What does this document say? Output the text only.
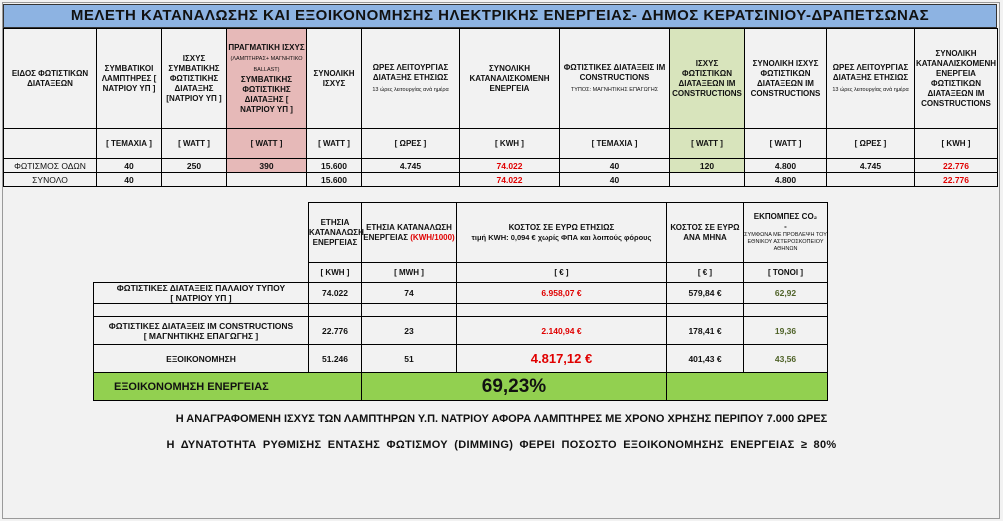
ΜΕΛΕΤΗ ΚΑΤΑΝΑΛΩΣΗΣ ΚΑΙ ΕΞΟΙΚΟΝΟΜΗΣΗΣ ΗΛΕΚΤΡΙΚΗΣ ΕΝΕΡΓΕΙΑΣ- ΔΗΜΟΣ ΚΕΡΑΤΣΙΝΙΟΥ-ΔΡΑΠΕΤΣΩΝΑΣ
ΕΙΔΟΣ ΦΩΤΙΣΤΙΚΩΝ ΔΙΑΤΑΞΕΩΝ	ΣΥΜΒΑΤΙΚΟΙ ΛΑΜΠΤΗΡΕΣ [ ΝΑΤΡΙΟΥ ΥΠ ]	ΙΣΧΥΣ ΣΥΜΒΑΤΙΚΗΣ ΦΩΤΙΣΤΙΚΗΣ ΔΙΑΤΑΞΗΣ [ΝΑΤΡΙΟΥ ΥΠ ]	ΠΡΑΓΜΑΤΙΚΗ ΙΣΧΥΣ
(ΛΑΜΠΤΗΡΑΣ+ ΜΑΓΝΗΤΙΚΟ BALLAST)
ΣΥΜΒΑΤΙΚΗΣ ΦΩΤΙΣΤΙΚΗΣ ΔΙΑΤΑΞΗΣ [ ΝΑΤΡΙΟΥ ΥΠ ]	ΣΥΝΟΛΙΚΗ ΙΣΧΥΣ	ΩΡΕΣ ΛΕΙΤΟΥΡΓΙΑΣ ΔΙΑΤΑΞΗΣ ΕΤΗΣΙΩΣ
13 ώρες λειτουργίας ανά ημέρα	ΣΥΝΟΛΙΚΗ ΚΑΤΑΝΑΛΙΣΚΟΜΕΝΗ ΕΝΕΡΓΕΙΑ	ΦΩΤΙΣΤΙΚΕΣ ΔΙΑΤΑΞΕΙΣ IM CONSTRUCTIONS
ΤΥΠΟΣ: ΜΑΓΝΗΤΙΚΗΣ ΕΠΑΓΩΓΗΣ	ΙΣΧΥΣ ΦΩΤΙΣΤΙΚΩΝ ΔΙΑΤΑΞΕΩΝ IM CONSTRUCTIONS	ΣΥΝΟΛΙΚΗ ΙΣΧΥΣ ΦΩΤΙΣΤΙΚΩΝ ΔΙΑΤΑΞΕΩΝ IM CONSTRUCTIONS	ΩΡΕΣ ΛΕΙΤΟΥΡΓΙΑΣ ΔΙΑΤΑΞΗΣ ΕΤΗΣΙΩΣ
13 ώρες λειτουργίας ανά ημέρα	ΣΥΝΟΛΙΚΗ ΚΑΤΑΝΑΛΙΣΚΟΜΕΝΗ ΕΝΕΡΓΕΙΑ ΦΩΤΙΣΤΙΚΩΝ ΔΙΑΤΑΞΕΩΝ IM CONSTRUCTIONS
	[ ΤΕΜΑΧΙΑ ]	[ WATT ]	[ WATT ]	[ WATT ]	[ ΩΡΕΣ ]	[ KWH ]	[ ΤΕΜΑΧΙΑ ]	[ WATT ]	[ WATT ]	[ ΩΡΕΣ ]	[ KWH ]
ΦΩΤΙΣΜΟΣ ΟΔΩΝ	40	250	390	15.600	4.745	74.022	40	120	4.800	4.745	22.776
ΣΥΝΟΛΟ	40			15.600		74.022	40		4.800		22.776
	ΕΤΗΣΙΑ ΚΑΤΑΝΑΛΩΣΗ ΕΝΕΡΓΕΙΑΣ	ΕΤΗΣΙΑ ΚΑΤΑΝΑΛΩΣΗ ΕΝΕΡΓΕΙΑΣ (KWH/1000)	ΚΟΣΤΟΣ ΣΕ ΕΥΡΩ ΕΤΗΣΙΩΣ
τιμή KWH: 0,094 € χωρίς ΦΠΑ και λοιπούς φόρους	ΚΟΣΤΟΣ ΣΕ ΕΥΡΩ ΑΝΑ ΜΗΝΑ	ΕΚΠΟΜΠΕΣ CO₂
-
ΣΥΜΦΩΝΑ ΜΕ ΠΡΟΒΛΕΨΗ ΤΟΥ ΕΘΝΙΚΟΥ ΑΣΤΕΡΟΣΚΟΠΕΙΟΥ ΑΘΗΝΩΝ
	[ KWH ]	[ MWH ]	[ € ]	[ € ]	[ ΤΟΝΟΙ ]
ΦΩΤΙΣΤΙΚΕΣ ΔΙΑΤΑΞΕΙΣ ΠΑΛΑΙΟΥ ΤΥΠΟΥ
[ ΝΑΤΡΙΟΥ ΥΠ ]	74.022	74	6.958,07 €	579,84 €	62,92

ΦΩΤΙΣΤΙΚΕΣ ΔΙΑΤΑΞΕΙΣ IM CONSTRUCTIONS
[ ΜΑΓΝΗΤΙΚΗΣ ΕΠΑΓΩΓΗΣ ]	22.776	23	2.140,94 €	178,41 €	19,36
ΕΞΟΙΚΟΝΟΜΗΣΗ	51.246	51	4.817,12 €	401,43 €	43,56
ΕΞΟΙΚΟΝΟΜΗΣΗ ΕΝΕΡΓΕΙΑΣ		69,23%			
Η ΑΝΑΓΡΑΦΟΜΕΝΗ ΙΣΧΥΣ ΤΩΝ ΛΑΜΠΤΗΡΩΝ Υ.Π. ΝΑΤΡΙΟΥ ΑΦΟΡΑ ΛΑΜΠΤΗΡΕΣ ΜΕ ΧΡΟΝΟ ΧΡΗΣΗΣ ΠΕΡΙΠΟΥ 7.000 ΩΡΕΣ
Η ΔΥΝΑΤΟΤΗΤΑ ΡΥΘΜΙΣΗΣ ΕΝΤΑΣΗΣ ΦΩΤΙΣΜΟΥ (DIMMING) ΦΕΡΕΙ ΠΟΣΟΣΤΟ ΕΞΟΙΚΟΝΟΜΗΣΗΣ ΕΝΕΡΓΕΙΑΣ ≥ 80%
